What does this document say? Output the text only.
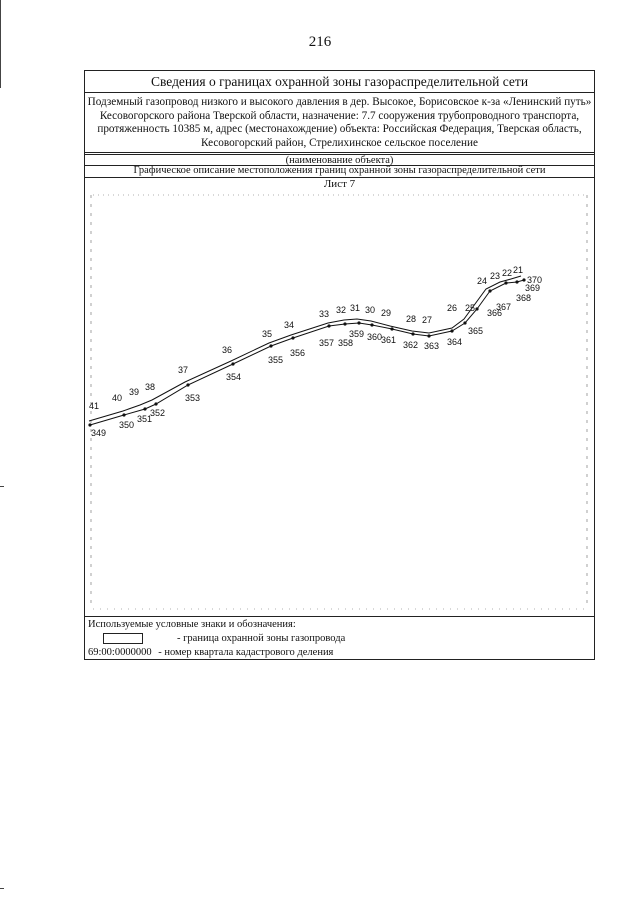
216
Сведения о границах охранной зоны газораспределительной сети
Подземный газопровод низкого и высокого давления в дер. Высокое, Борисовское к-за «Ленинский путь» Кесовогорского района Тверской области, назначение: 7.7 сооружения трубопроводного транспорта, протяженность 10385 м, адрес (местонахождение) объекта: Российская Федерация, Тверская область, Кесовогорский район, Стрелихинское сельское поселение
(наименование объекта)
Графическое описание местоположения границ охранной зоны газораспределительной сети
Лист 7
41
40
39 38
37
36
35
34
33 32 31 30 29
28 27
26 25
24 23 22 21
349
350
351
352
353
354
355
356
357 358
359 360
361 362 363 364
365
366
367
368
369
370
Используемые условные знаки и обозначения:
- граница охранной зоны газопровода
69:00:0000000 - номер квартала кадастрового деления
